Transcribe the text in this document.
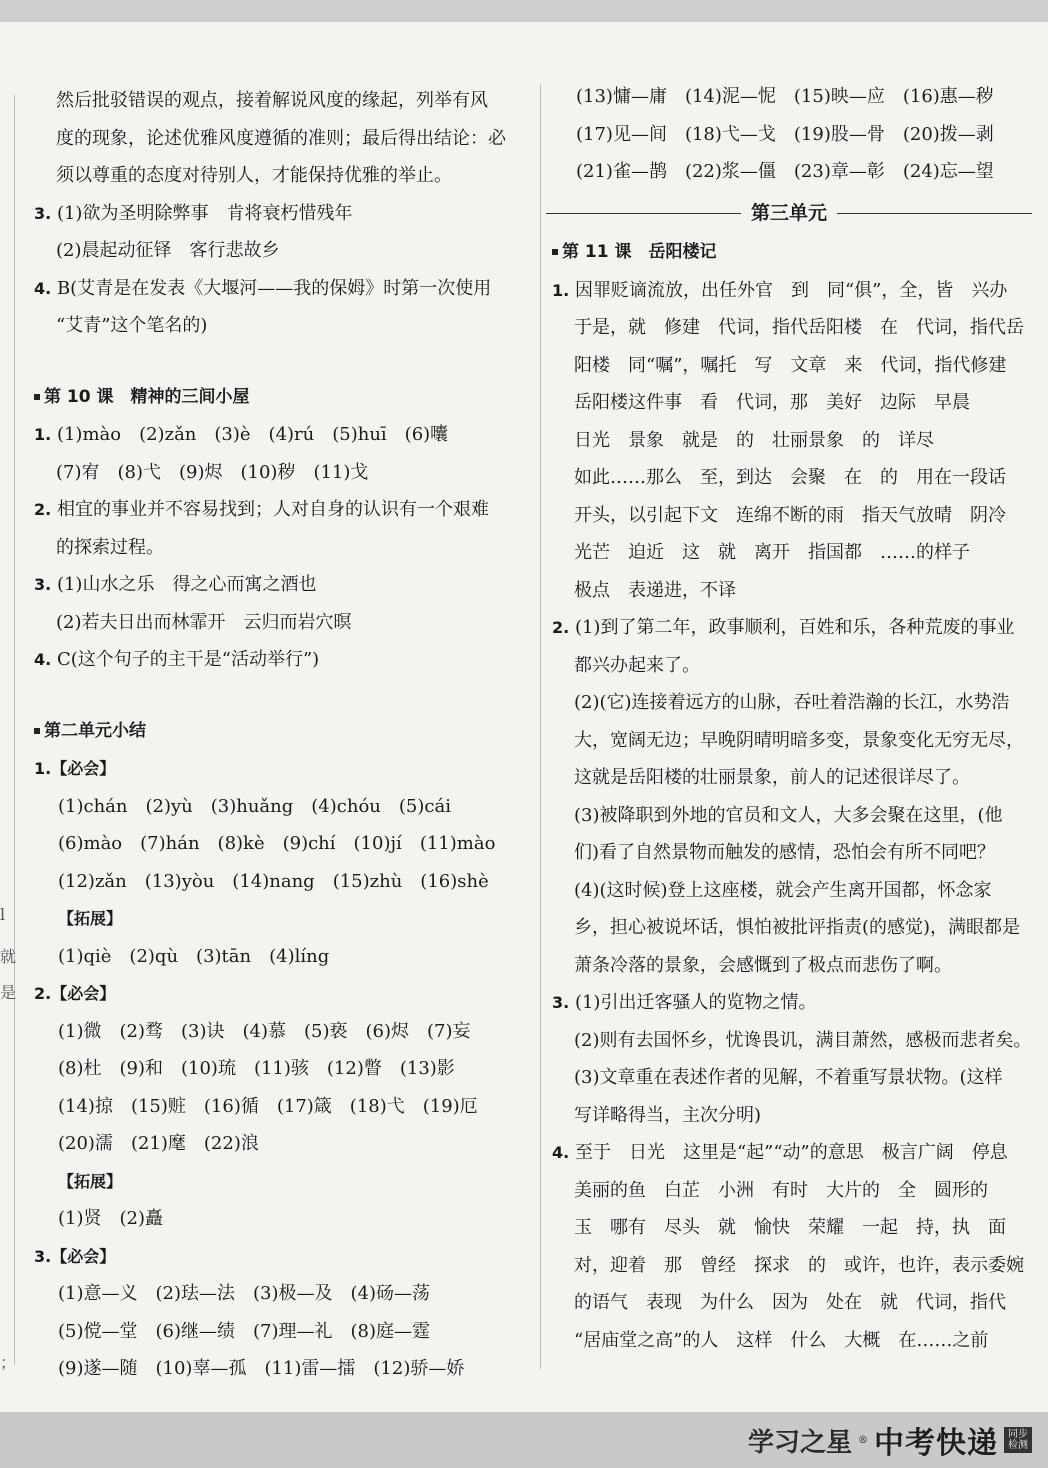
l
就
是
；
然后批驳错误的观点，接着解说风度的缘起，列举有风
度的现象，论述优雅风度遵循的准则；最后得出结论：必
须以尊重的态度对待别人，才能保持优雅的举止。
3. (1)欲为圣明除弊事　肯将衰朽惜残年
(2)晨起动征铎　客行悲故乡
4. B(艾青是在发表《大堰河——我的保姆》时第一次使用
“艾青”这个笔名的)
第 10 课　精神的三间小屋
1. (1)mào　(2)zǎn　(3)è　(4)rú　(5)huī　(6)囔
(7)宥　(8)弋　(9)烬　(10)秽　(11)戈
2. 相宜的事业并不容易找到；人对自身的认识有一个艰难
的探索过程。
3. (1)山水之乐　得之心而寓之酒也
(2)若夫日出而林霏开　云归而岩穴暝
4. C(这个句子的主干是“活动举行”)
第二单元小结
1.【必会】
(1)chán　(2)yù　(3)huǎng　(4)chóu　(5)cái
(6)mào　(7)hán　(8)kè　(9)chí　(10)jí　(11)mào
(12)zǎn　(13)yòu　(14)nang　(15)zhù　(16)shè
【拓展】
(1)qiè　(2)qù　(3)tān　(4)líng
2.【必会】
(1)微　(2)骛　(3)诀　(4)慕　(5)亵　(6)烬　(7)妄
(8)杜　(9)和　(10)琉　(11)骇　(12)瞥　(13)影
(14)掠　(15)赃　(16)循　(17)箴　(18)弋　(19)厄
(20)濡　(21)麾　(22)浪
【拓展】
(1)贤　(2)矗
3.【必会】
(1)意—义　(2)珐—法　(3)极—及　(4)砀—荡
(5)傥—堂　(6)继—绩　(7)理—礼　(8)庭—霆
(9)遂—随　(10)辜—孤　(11)雷—擂　(12)骄—娇
(13)慵—庸　(14)泥—怩　(15)映—应　(16)惠—秽
(17)见—间　(18)弋—戈　(19)股—骨　(20)拨—剥
(21)雀—鹊　(22)浆—僵　(23)章—彰　(24)忘—望
第三单元
第 11 课　岳阳楼记
1. 因罪贬谪流放，出任外官　到　同“俱”，全，皆　兴办
于是，就　修建　代词，指代岳阳楼　在　代词，指代岳
阳楼　同“嘱”，嘱托　写　文章　来　代词，指代修建
岳阳楼这件事　看　代词，那　美好　边际　早晨
日光　景象　就是　的　壮丽景象　的　详尽
如此……那么　至，到达　会聚　在　的　用在一段话
开头，以引起下文　连绵不断的雨　指天气放晴　阴冷
光芒　迫近　这　就　离开　指国都　……的样子
极点　表递进，不译
2. (1)到了第二年，政事顺利，百姓和乐，各种荒废的事业
都兴办起来了。
(2)(它)连接着远方的山脉，吞吐着浩瀚的长江，水势浩
大，宽阔无边；早晚阴晴明暗多变，景象变化无穷无尽，
这就是岳阳楼的壮丽景象，前人的记述很详尽了。
(3)被降职到外地的官员和文人，大多会聚在这里，(他
们)看了自然景物而触发的感情，恐怕会有所不同吧？
(4)(这时候)登上这座楼，就会产生离开国都，怀念家
乡，担心被说坏话，惧怕被批评指责(的感觉)，满眼都是
萧条冷落的景象，会感慨到了极点而悲伤了啊。
3. (1)引出迁客骚人的览物之情。
(2)则有去国怀乡，忧谗畏讥，满目萧然，感极而悲者矣。
(3)文章重在表述作者的见解，不着重写景状物。(这样
写详略得当，主次分明)
4. 至于　日光　这里是“起”“动”的意思　极言广阔　停息
美丽的鱼　白芷　小洲　有时　大片的　全　圆形的
玉　哪有　尽头　就　愉快　荣耀　一起　持，执　面
对，迎着　那　曾经　探求　的　或许，也许，表示委婉
的语气　表现　为什么　因为　处在　就　代词，指代
“居庙堂之高”的人　这样　什么　大概　在……之前
学习之星 ® 中考快递	同步检测
